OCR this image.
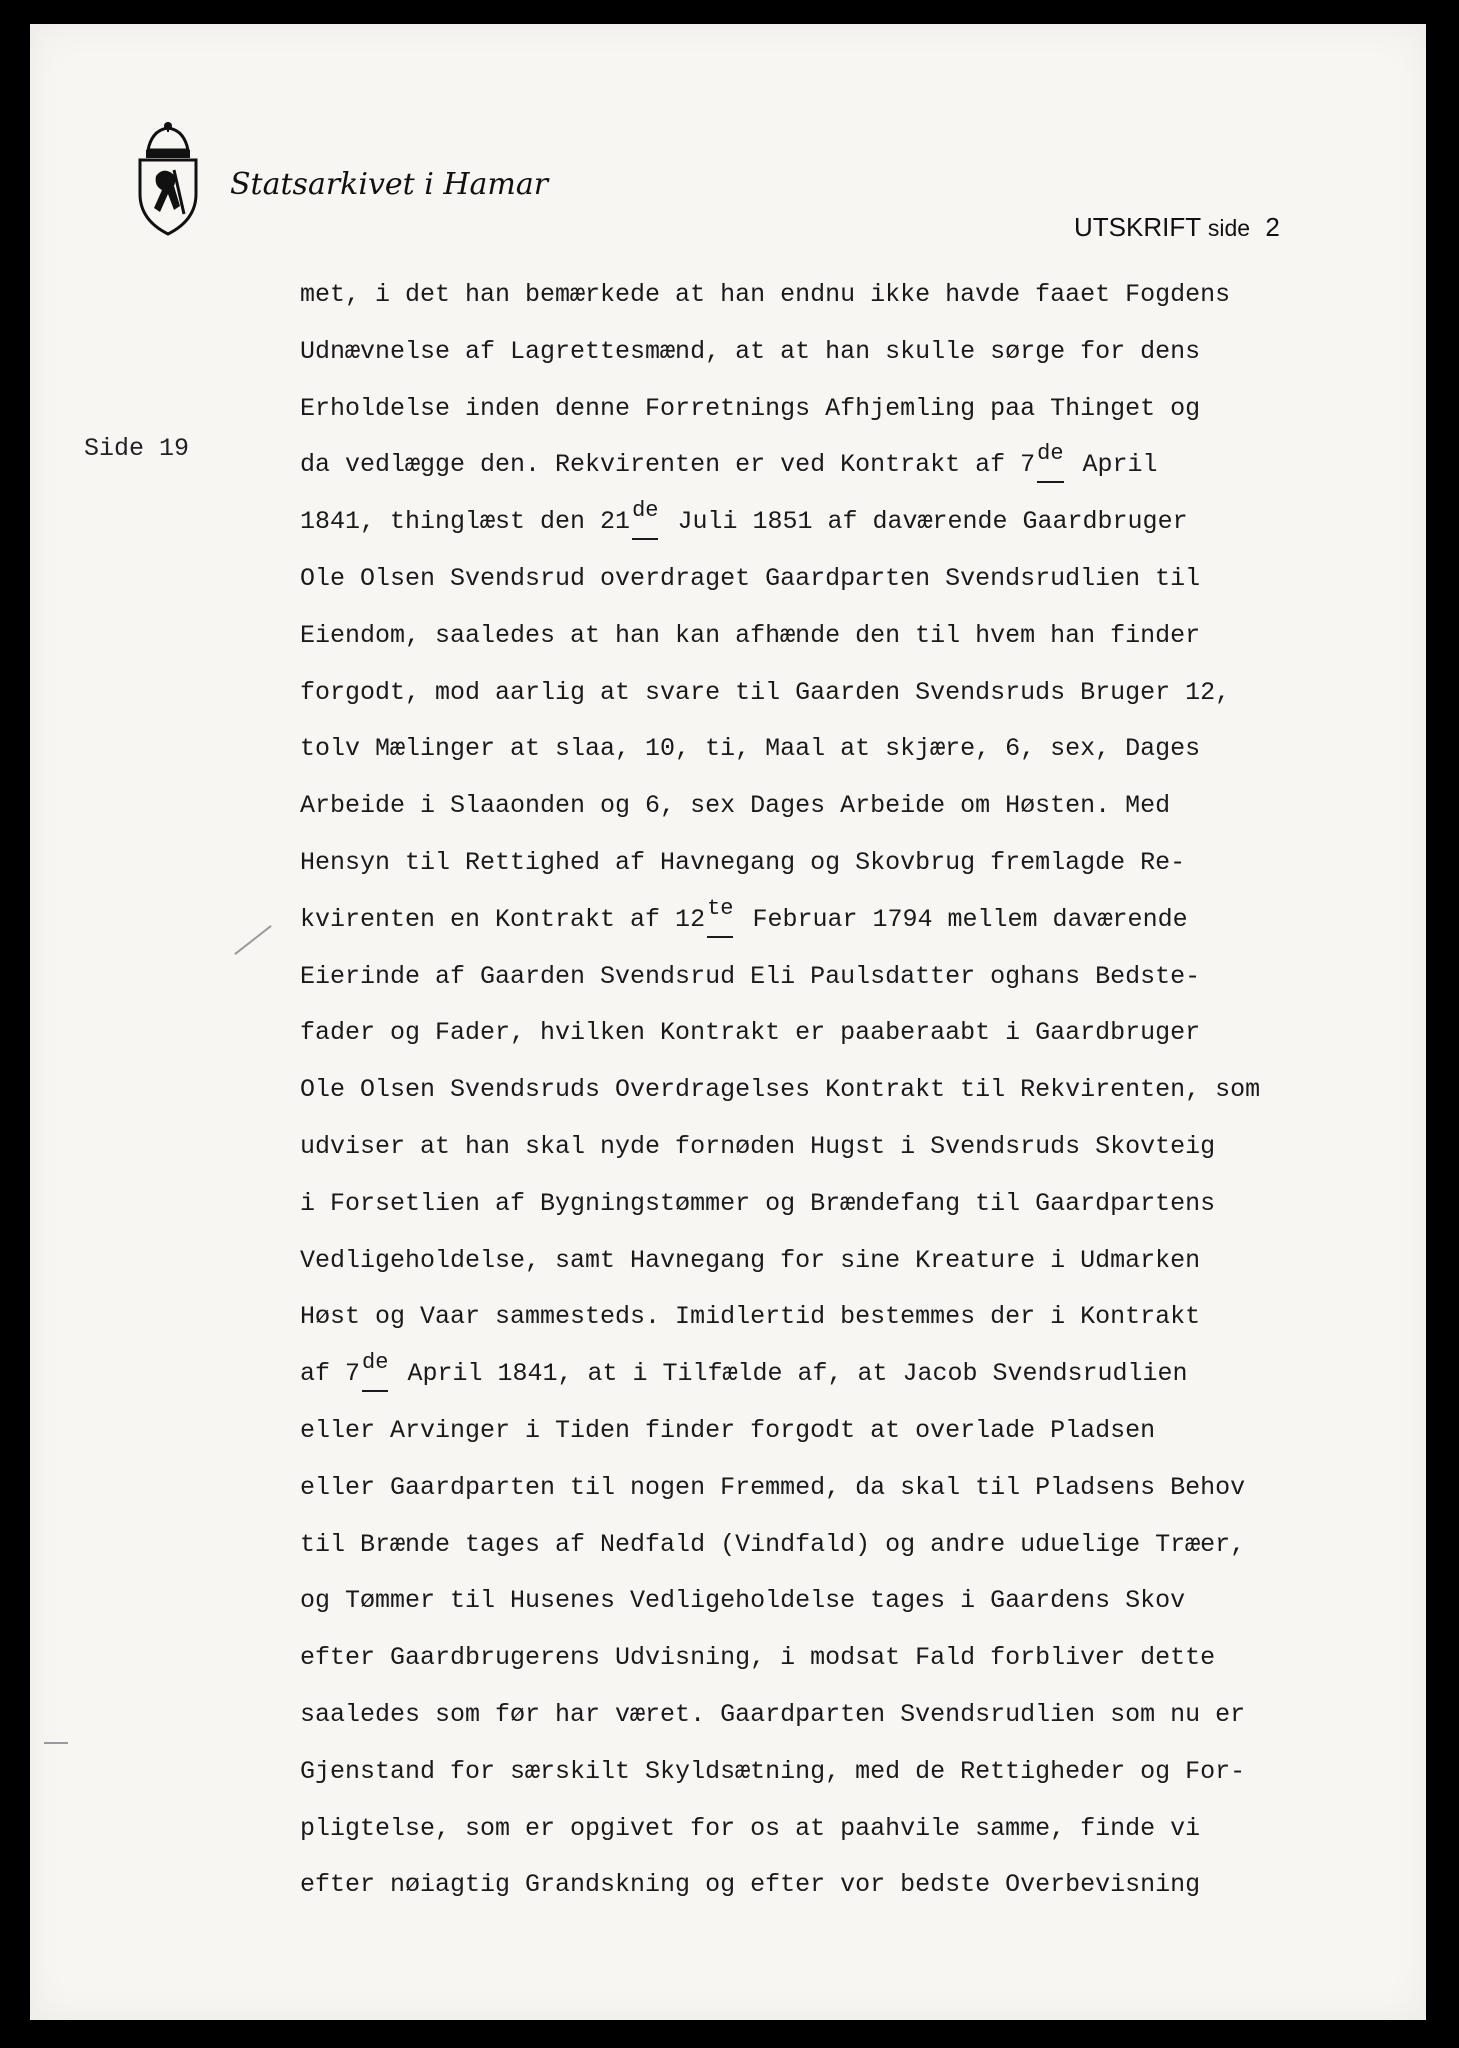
Statsarkivet i Hamar
UTSKRIFT side 2
Side 19
met, i det han bemærkede at han endnu ikke havde faaet Fogdens
Udnævnelse af Lagrettesmænd, at at han skulle sørge for dens
Erholdelse inden denne Forretnings Afhjemling paa Thinget og
da vedlægge den. Rekvirenten er ved Kontrakt af 7de April
1841, thinglæst den 21de Juli 1851 af daværende Gaardbruger
Ole Olsen Svendsrud overdraget Gaardparten Svendsrudlien til
Eiendom, saaledes at han kan afhænde den til hvem han finder
forgodt, mod aarlig at svare til Gaarden Svendsruds Bruger 12,
tolv Mælinger at slaa, 10, ti, Maal at skjære, 6, sex, Dages
Arbeide i Slaaonden og 6, sex Dages Arbeide om Høsten. Med
Hensyn til Rettighed af Havnegang og Skovbrug fremlagde Re-
kvirenten en Kontrakt af 12te Februar 1794 mellem daværende
Eierinde af Gaarden Svendsrud Eli Paulsdatter oghans Bedste-
fader og Fader, hvilken Kontrakt er paaberaabt i Gaardbruger
Ole Olsen Svendsruds Overdragelses Kontrakt til Rekvirenten, som
udviser at han skal nyde fornøden Hugst i Svendsruds Skovteig
i Forsetlien af Bygningstømmer og Brændefang til Gaardpartens
Vedligeholdelse, samt Havnegang for sine Kreature i Udmarken
Høst og Vaar sammesteds. Imidlertid bestemmes der i Kontrakt
af 7de April 1841, at i Tilfælde af, at Jacob Svendsrudlien
eller Arvinger i Tiden finder forgodt at overlade Pladsen
eller Gaardparten til nogen Fremmed, da skal til Pladsens Behov
til Brænde tages af Nedfald (Vindfald) og andre uduelige Træer,
og Tømmer til Husenes Vedligeholdelse tages i Gaardens Skov
efter Gaardbrugerens Udvisning, i modsat Fald forbliver dette
saaledes som før har været. Gaardparten Svendsrudlien som nu er
Gjenstand for særskilt Skyldsætning, med de Rettigheder og For-
pligtelse, som er opgivet for os at paahvile samme, finde vi
efter nøiagtig Grandskning og efter vor bedste Overbevisning
